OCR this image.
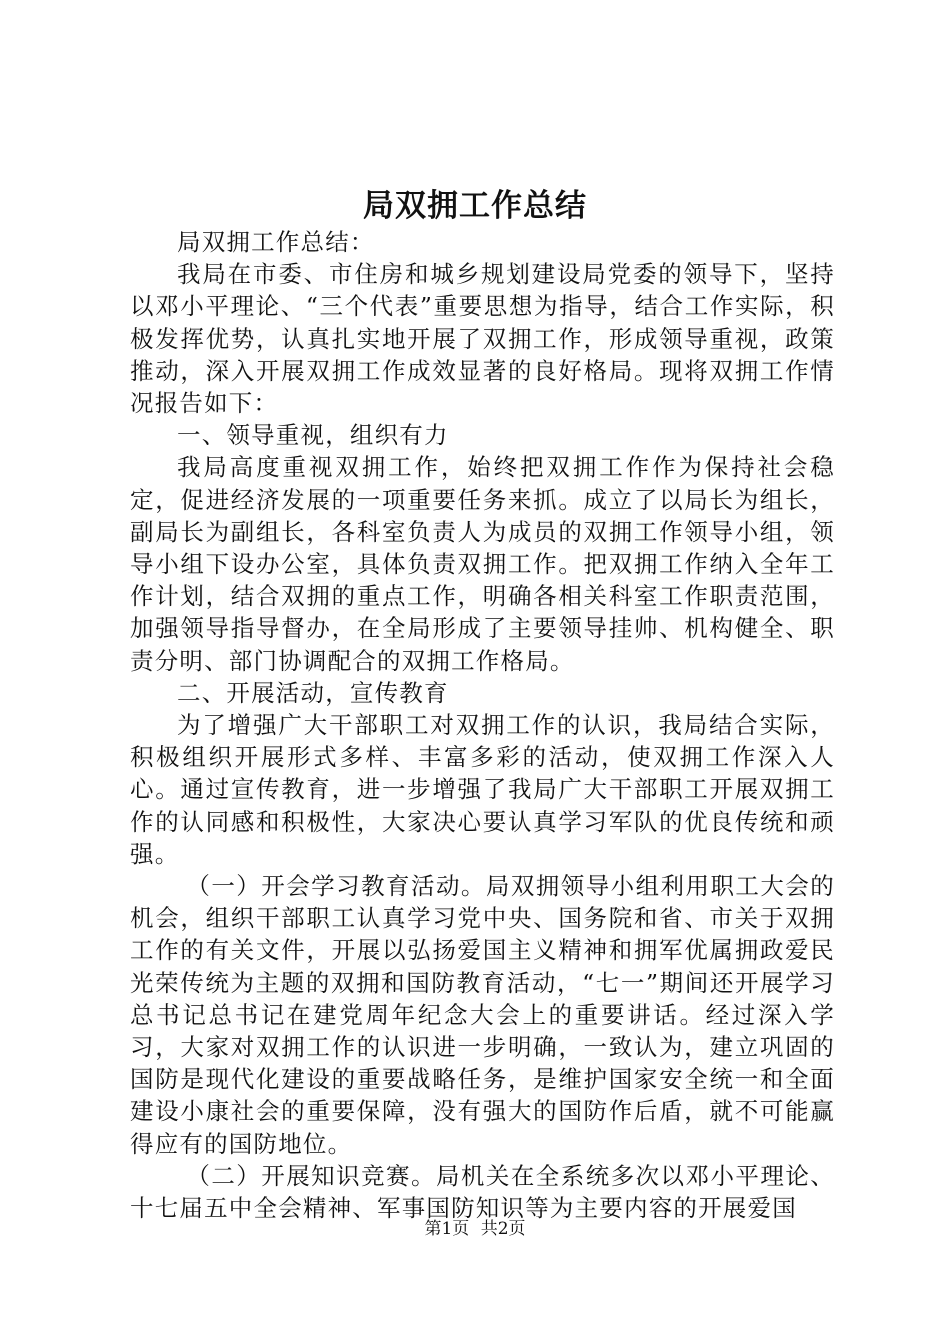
局双拥工作总结

局双拥工作总结：

我局在市委、市住房和城乡规划建设局党委的领导下，坚持以邓小平理论、“三个代表”重要思想为指导，结合工作实际，积极发挥优势，认真扎实地开展了双拥工作，形成领导重视，政策推动，深入开展双拥工作成效显著的良好格局。现将双拥工作情况报告如下：

一、领导重视，组织有力

我局高度重视双拥工作，始终把双拥工作作为保持社会稳定，促进经济发展的一项重要任务来抓。成立了以局长为组长，副局长为副组长，各科室负责人为成员的双拥工作领导小组，领导小组下设办公室，具体负责双拥工作。把双拥工作纳入全年工作计划，结合双拥的重点工作，明确各相关科室工作职责范围，加强领导指导督办，在全局形成了主要领导挂帅、机构健全、职责分明、部门协调配合的双拥工作格局。

二、开展活动，宣传教育

为了增强广大干部职工对双拥工作的认识，我局结合实际，积极组织开展形式多样、丰富多彩的活动，使双拥工作深入人心。通过宣传教育，进一步增强了我局广大干部职工开展双拥工作的认同感和积极性，大家决心要认真学习军队的优良传统和顽强。

（一）开会学习教育活动。局双拥领导小组利用职工大会的机会，组织干部职工认真学习党中央、国务院和省、市关于双拥工作的有关文件，开展以弘扬爱国主义精神和拥军优属拥政爱民光荣传统为主题的双拥和国防教育活动，“七一”期间还开展学习总书记总书记在建党周年纪念大会上的重要讲话。经过深入学习，大家对双拥工作的认识进一步明确，一致认为，建立巩固的国防是现代化建设的重要战略任务，是维护国家安全统一和全面建设小康社会的重要保障，没有强大的国防作后盾，就不可能赢得应有的国防地位。

（二）开展知识竞赛。局机关在全系统多次以邓小平理论、十七届五中全会精神、军事国防知识等为主要内容的开展爱国

第1页 共2页
